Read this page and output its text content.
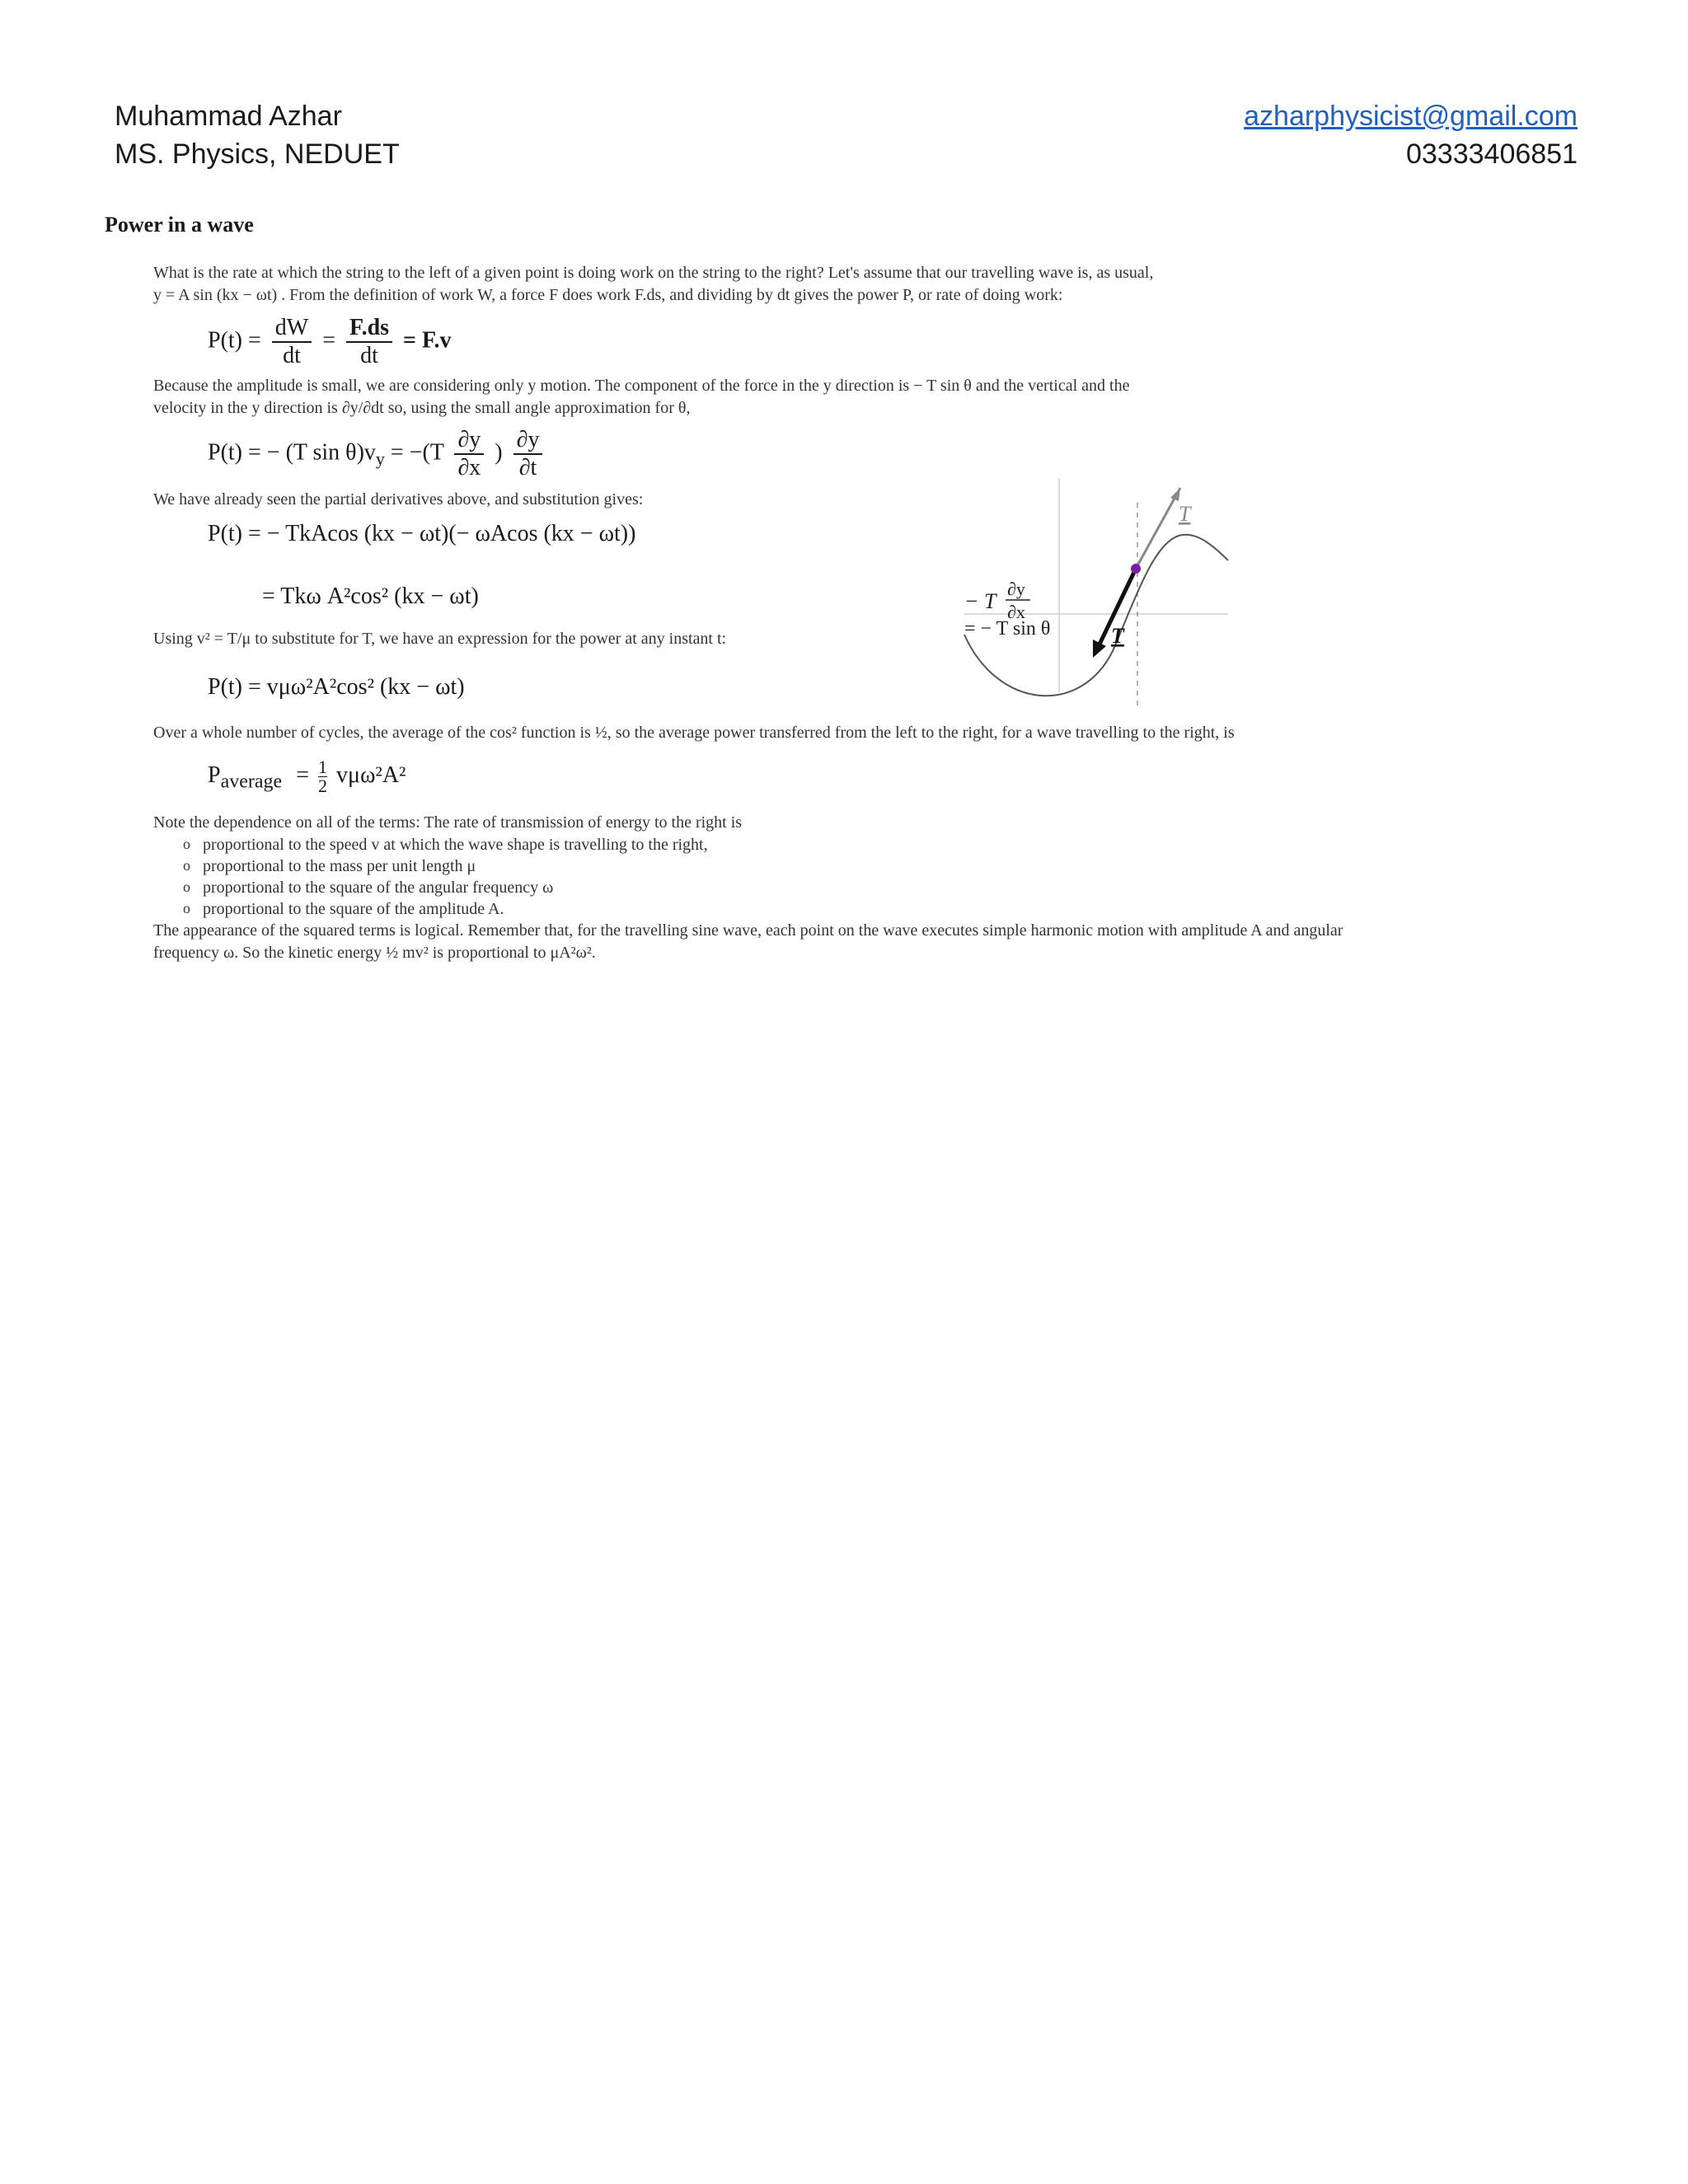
Muhammad Azhar
MS. Physics, NEDUET
azharphysicist@gmail.com
03333406851
Power in a wave
What is the rate at which the string to the left of a given point is doing work on the string to the right? Let's assume that our travelling wave is, as usual,
y = A sin (kx − ωt) . From the definition of work W, a force F does work F.ds, and dividing by dt gives the power P, or rate of doing work:
$P(t) = \frac{dW}{dt} = \frac{F.ds}{dt} = F.v$
Because the amplitude is small, we are considering only y motion. The component of the force in the y direction is − T sin θ and the vertical and the
velocity in the y direction is ∂y/∂dt so, using the small angle approximation for θ,
P(t) = − (T $\sin \theta)v_y = -(T \frac{\partial y}{\partial x}$ ) $\frac{\partial y}{\partial t}$
We have already seen the partial derivatives above, and substitution gives:
P(t) = − TkAcos (kx − ωt)(− ωAcos (kx − ωt))
= Tkω A²cos² (kx − ωt)
Using v² = T/μ to substitute for T, we have an expression for the power at any instant t:
P(t) = vμω²A²cos² (kx − ωt)
Over a whole number of cycles, the average of the cos² function is ½, so the average power transferred from the left to the right, for a wave travelling to the right, is
$P_{average} = \frac{1}{2} v\mu\omega^2A^2$
Note the dependence on all of the terms: The rate of transmission of energy to the right is
o proportional to the speed v at which the wave shape is travelling to the right,
o proportional to the mass per unit length μ
o proportional to the square of the angular frequency ω
o proportional to the square of the amplitude A.
The appearance of the squared terms is logical. Remember that, for the travelling sine wave, each point on the wave executes simple harmonic motion with amplitude A and angular
frequency ω. So the kinetic energy ½ mv² is proportional to μA²ω².
T
T
− T
∂y
∂x
= − T sin θ
